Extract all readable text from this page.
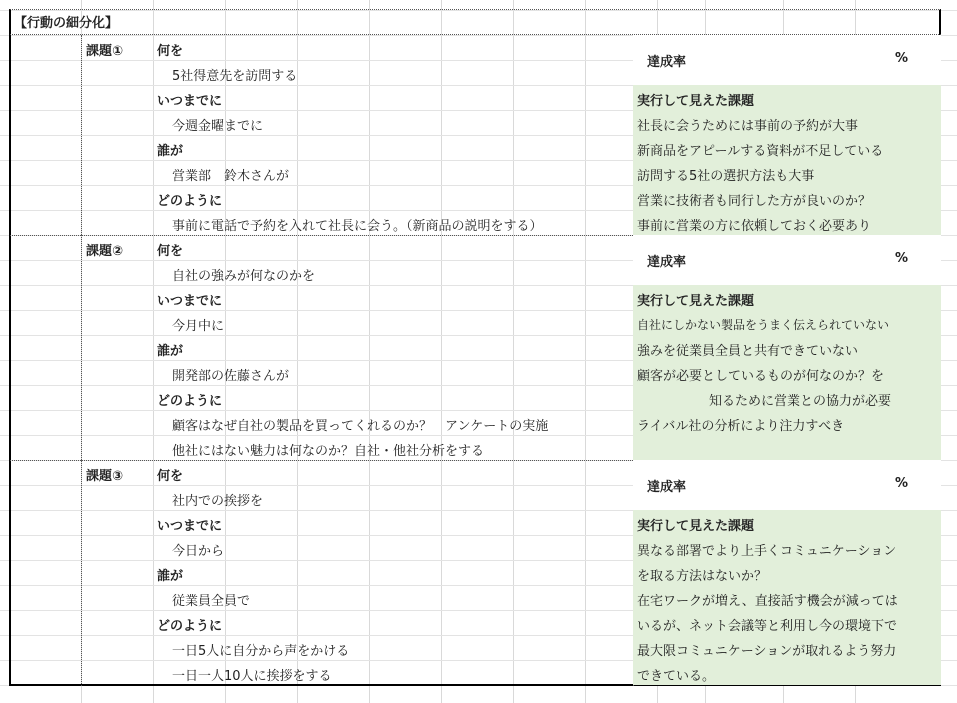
【行動の細分化】
課題①	何を
5社得意先を訪問する
いつまでに
今週金曜までに
誰が
営業部　鈴木さんが
どのように
事前に電話で予約を入れて社長に会う。（新商品の説明をする）
達成率	%
実行して見えた課題
社長に会うためには事前の予約が大事
新商品をアピールする資料が不足している
訪問する5社の選択方法も大事
営業に技術者も同行した方が良いのか？
事前に営業の方に依頼しておく必要あり
課題②	何を
自社の強みが何なのかを
いつまでに
今月中に
誰が
開発部の佐藤さんが
どのように
顧客はなぜ自社の製品を買ってくれるのか？　アンケートの実施
他社にはない魅力は何なのか？自社・他社分析をする
達成率	%
実行して見えた課題
自社にしかない製品をうまく伝えられていない
強みを従業員全員と共有できていない
顧客が必要としているものが何なのか？を
知るために営業との協力が必要
ライバル社の分析により注力すべき
課題③	何を
社内での挨拶を
いつまでに
今日から
誰が
従業員全員で
どのように
一日5人に自分から声をかける
一日一人10人に挨拶をする
達成率	%
実行して見えた課題
異なる部署でより上手くコミュニケーション
を取る方法はないか？
在宅ワークが増え、直接話す機会が減っては
いるが、ネット会議等と利用し今の環境下で
最大限コミュニケーションが取れるよう努力
できている。
